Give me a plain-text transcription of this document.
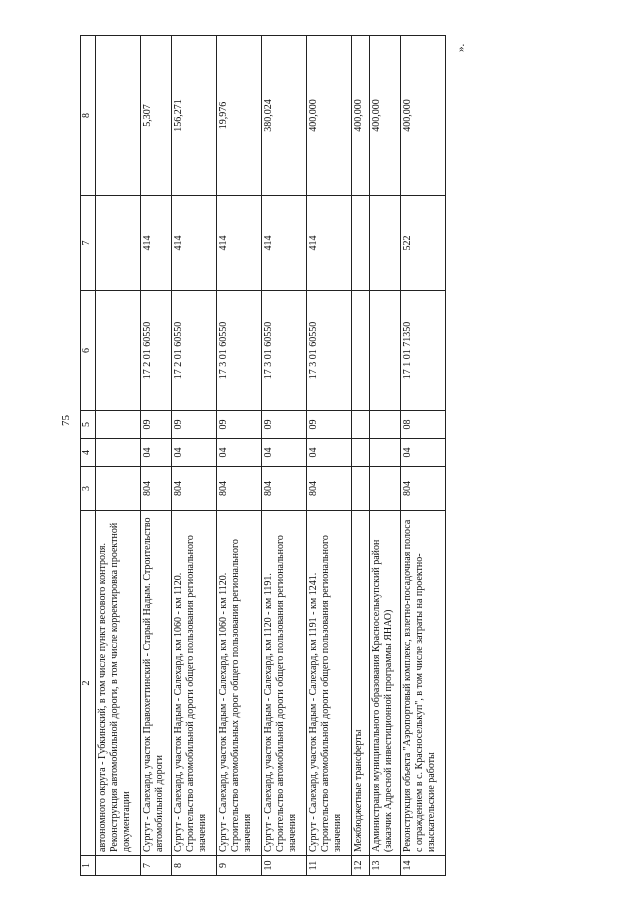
75
».
1	2	3	4	5	6	7	8
	автономного округа - Губкинский, в том числе пункт весового контроля. Реконструкция автомобильной дороги, в том числе корректировка проектной документации						
7	Сургут - Салехард, участок Правохеттинский - Старый Надым. Строительство автомобильной дороги	804	04	09	17 2 01 60550	414	5,307
8	Сургут - Салехард, участок Надым - Салехард, км 1060 - км 1120. Строительство автомобильной дороги общего пользования регионального значения	804	04	09	17 2 01 60550	414	156,271
9	Сургут - Салехард, участок Надым - Салехард, км 1060 - км 1120. Строительство автомобильных дорог общего пользования регионального значения	804	04	09	17 3 01 60550	414	19,976
10	Сургут - Салехард, участок Надым - Салехард, км 1120 - км 1191. Строительство автомобильной дороги общего пользования регионального значения	804	04	09	17 3 01 60550	414	380,024
11	Сургут - Салехард, участок Надым - Салехард, км 1191 - км 1241. Строительство автомобильной дороги общего пользования регионального значения	804	04	09	17 3 01 60550	414	400,000
12	Межбюджетные трансферты						400,000
13	Администрация муниципального образования Красноселькупский район (заказчик Адресной инвестиционной программы ЯНАО)						400,000
14	Реконструкция объекта "Аэропортовый комплекс, взлетно-посадочная полоса с ограждением в с. Красноселькуп", в том числе затраты на проектно-изыскательские работы	804	04	08	17 1 01 71350	522	400,000
